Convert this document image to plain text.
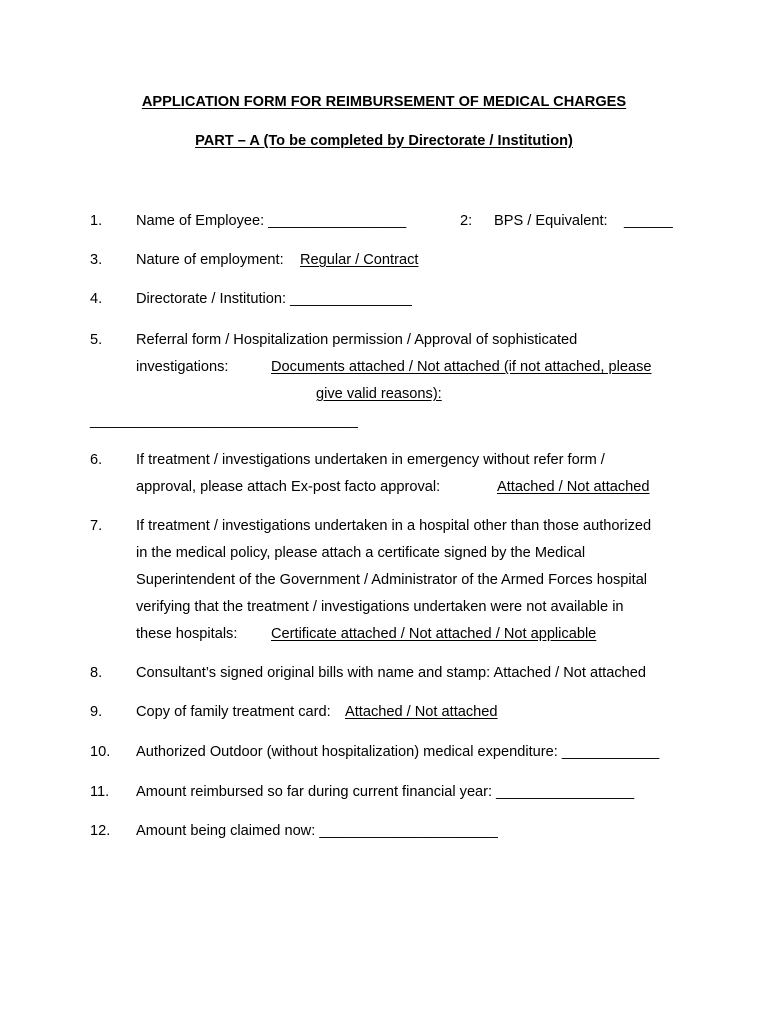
APPLICATION FORM FOR REIMBURSEMENT OF MEDICAL CHARGES
PART – A (To be completed by Directorate / Institution)
1. Name of Employee: _________________	2: BPS / Equivalent: ______
3. Nature of employment: Regular / Contract
4. Directorate / Institution: _______________
5. Referral form / Hospitalization permission / Approval of sophisticated
investigations:	Documents attached / Not attached (if not attached, please
give valid reasons):
_________________________________
6. If treatment / investigations undertaken in emergency without refer form /
approval, please attach Ex-post facto approval:	Attached / Not attached
7. If treatment / investigations undertaken in a hospital other than those authorized
in the medical policy, please attach a certificate signed by the Medical
Superintendent of the Government / Administrator of the Armed Forces hospital
verifying that the treatment / investigations undertaken were not available in
these hospitals: Certificate attached / Not attached / Not applicable
8. Consultant’s signed original bills with name and stamp: Attached / Not attached
9. Copy of family treatment card: Attached / Not attached
10. Authorized Outdoor (without hospitalization) medical expenditure: ____________
11. Amount reimbursed so far during current financial year: _________________
12. Amount being claimed now: ______________________
